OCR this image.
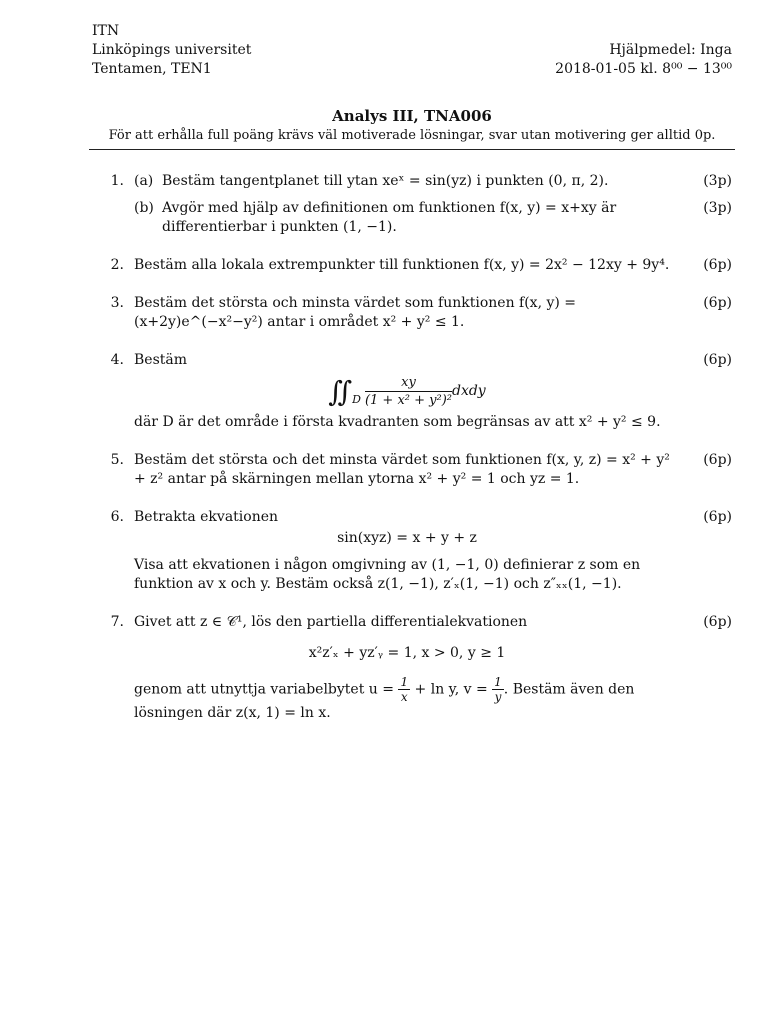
ITN
Linköpings universitet
Tentamen, TEN1

Hjälpmedel: Inga
2018-01-05 kl. 8⁰⁰ − 13⁰⁰
Analys III, TNA006
För att erhålla full poäng krävs väl motiverade lösningar, svar utan motivering ger alltid 0p.
1. (a) Bestäm tangentplanet till ytan xeˣ = sin(yz) i punkten (0, π, 2).	(3p)
(b) Avgör med hjälp av definitionen om funktionen f(x, y) = x+xy är differentierbar i punkten (1, −1).
(3p)
2. Bestäm alla lokala extrempunkter till funktionen f(x, y) = 2x² − 12xy + 9y⁴.	(6p)
3. Bestäm det största och minsta värdet som funktionen f(x, y) = (x+2y)e^(−x²−y²) antar i området x² + y² ≤ 1.
(6p)
4. Bestäm
∬ D $\frac{xy}{\text{(1 + x² + y²)²}}$ dxdy
där D är det område i första kvadranten som begränsas av att x² + y² ≤ 9.
(6p)
5. Bestäm det största och det minsta värdet som funktionen f(x, y, z) = x² + y² + z² antar på skärningen mellan ytorna x² + y² = 1 och yz = 1.
(6p)
6. Betrakta ekvationen
sin(xyz) = x + y + z
Visa att ekvationen i någon omgivning av (1, −1, 0) definierar z som en funktion av x och y. Bestäm också z(1, −1), z′ₓ(1, −1) och z″ₓₓ(1, −1).
(6p)
7. Givet att z ∈ 𝒞¹, lös den partiella differentialekvationen
x²z′ₓ + yz′ᵧ = 1, x > 0, y ≥ 1
genom att utnyttja variabelbytet $u = \frac{1}{x} + \ln y$, $v = \frac{1}{y}$ . Bestäm även den lösningen där z(x, 1) = ln x.
(6p)
